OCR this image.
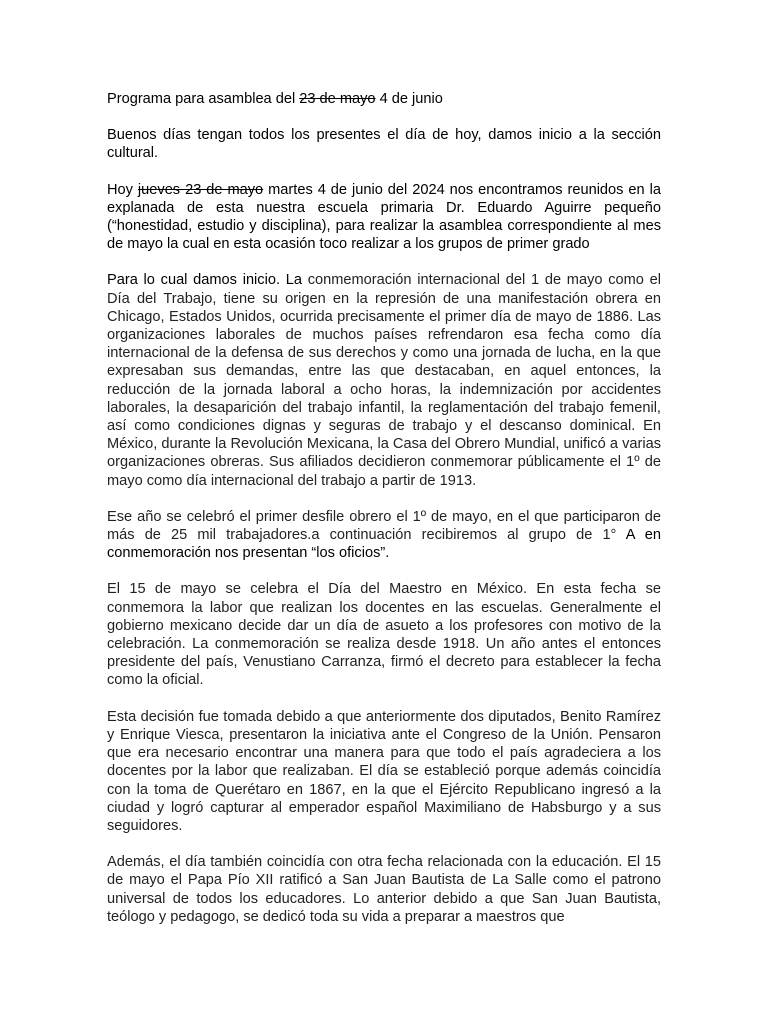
Programa para asamblea del 23 de mayo 4 de junio

Buenos días tengan todos los presentes el día de hoy, damos inicio a la sección cultural.

Hoy jueves 23 de mayo martes 4 de junio del 2024 nos encontramos reunidos en la explanada de esta nuestra escuela primaria Dr. Eduardo Aguirre pequeño (“honestidad, estudio y disciplina), para realizar la asamblea correspondiente al mes de mayo la cual en esta ocasión toco realizar a los grupos de primer grado

Para lo cual damos inicio. La conmemoración internacional del 1 de mayo como el Día del Trabajo, tiene su origen en la represión de una manifestación obrera en Chicago, Estados Unidos, ocurrida precisamente el primer día de mayo de 1886. Las organizaciones laborales de muchos países refrendaron esa fecha como día internacional de la defensa de sus derechos y como una jornada de lucha, en la que expresaban sus demandas, entre las que destacaban, en aquel entonces, la reducción de la jornada laboral a ocho horas, la indemnización por accidentes laborales, la desaparición del trabajo infantil, la reglamentación del trabajo femenil, así como condiciones dignas y seguras de trabajo y el descanso dominical. En México, durante la Revolución Mexicana, la Casa del Obrero Mundial, unificó a varias organizaciones obreras. Sus afiliados decidieron conmemorar públicamente el 1º de mayo como día internacional del trabajo a partir de 1913.

Ese año se celebró el primer desfile obrero el 1º de mayo, en el que participaron de más de 25 mil trabajadores.a continuación recibiremos al grupo de 1° A en conmemoración nos presentan “los oficios”.

El 15 de mayo se celebra el Día del Maestro en México. En esta fecha se conmemora la labor que realizan los docentes en las escuelas. Generalmente el gobierno mexicano decide dar un día de asueto a los profesores con motivo de la celebración. La conmemoración se realiza desde 1918. Un año antes el entonces presidente del país, Venustiano Carranza, firmó el decreto para establecer la fecha como la oficial.

Esta decisión fue tomada debido a que anteriormente dos diputados, Benito Ramírez y Enrique Viesca, presentaron la iniciativa ante el Congreso de la Unión. Pensaron que era necesario encontrar una manera para que todo el país agradeciera a los docentes por la labor que realizaban. El día se estableció porque además coincidía con la toma de Querétaro en 1867, en la que el Ejército Republicano ingresó a la ciudad y logró capturar al emperador español Maximiliano de Habsburgo y a sus seguidores.

Además, el día también coincidía con otra fecha relacionada con la educación. El 15 de mayo el Papa Pío XII ratificó a San Juan Bautista de La Salle como el patrono universal de todos los educadores. Lo anterior debido a que San Juan Bautista, teólogo y pedagogo, se dedicó toda su vida a preparar a maestros que
